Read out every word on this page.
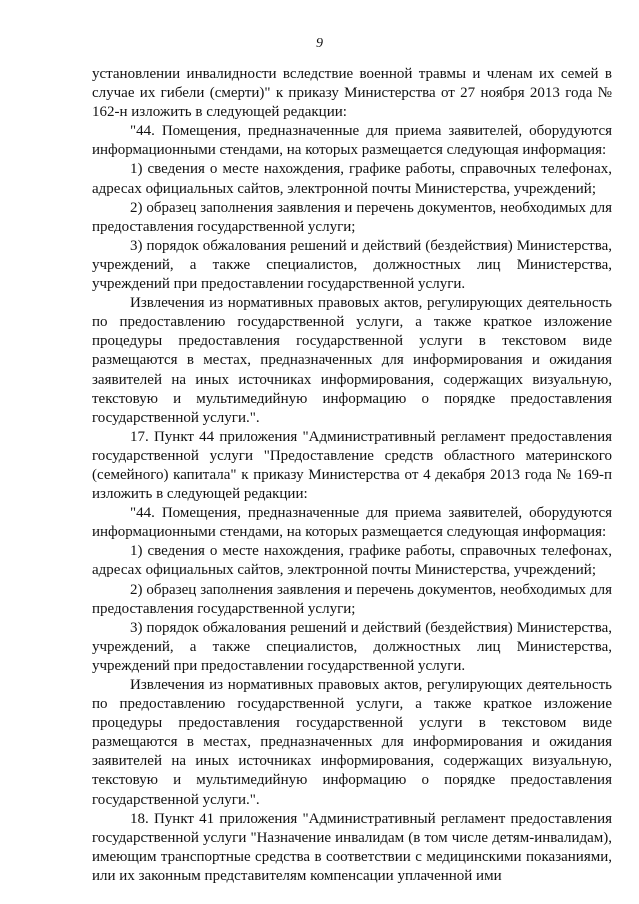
9

установлении инвалидности вследствие военной травмы и членам их семей в случае их гибели (смерти)" к приказу Министерства от 27 ноября 2013 года № 162-н изложить в следующей редакции:

"44. Помещения, предназначенные для приема заявителей, оборудуются информационными стендами, на которых размещается следующая информация:

1) сведения о месте нахождения, графике работы, справочных телефонах, адресах официальных сайтов, электронной почты Министерства, учреждений;

2) образец заполнения заявления и перечень документов, необходимых для предоставления государственной услуги;

3) порядок обжалования решений и действий (бездействия) Министерства, учреждений, а также специалистов, должностных лиц Министерства, учреждений при предоставлении государственной услуги.

Извлечения из нормативных правовых актов, регулирующих деятельность по предоставлению государственной услуги, а также краткое изложение процедуры предоставления государственной услуги в текстовом виде размещаются в местах, предназначенных для информирования и ожидания заявителей на иных источниках информирования, содержащих визуальную, текстовую и мультимедийную информацию о порядке предоставления государственной услуги.".

17. Пункт 44 приложения "Административный регламент предоставления государственной услуги "Предоставление средств областного материнского (семейного) капитала" к приказу Министерства от 4 декабря 2013 года № 169-п изложить в следующей редакции:

"44. Помещения, предназначенные для приема заявителей, оборудуются информационными стендами, на которых размещается следующая информация:

1) сведения о месте нахождения, графике работы, справочных телефонах, адресах официальных сайтов, электронной почты Министерства, учреждений;

2) образец заполнения заявления и перечень документов, необходимых для предоставления государственной услуги;

3) порядок обжалования решений и действий (бездействия) Министерства, учреждений, а также специалистов, должностных лиц Министерства, учреждений при предоставлении государственной услуги.

Извлечения из нормативных правовых актов, регулирующих деятельность по предоставлению государственной услуги, а также краткое изложение процедуры предоставления государственной услуги в текстовом виде размещаются в местах, предназначенных для информирования и ожидания заявителей на иных источниках информирования, содержащих визуальную, текстовую и мультимедийную информацию о порядке предоставления государственной услуги.".

18. Пункт 41 приложения "Административный регламент предоставления государственной услуги "Назначение инвалидам (в том числе детям-инвалидам), имеющим транспортные средства в соответствии с медицинскими показаниями, или их законным представителям компенсации уплаченной ими
